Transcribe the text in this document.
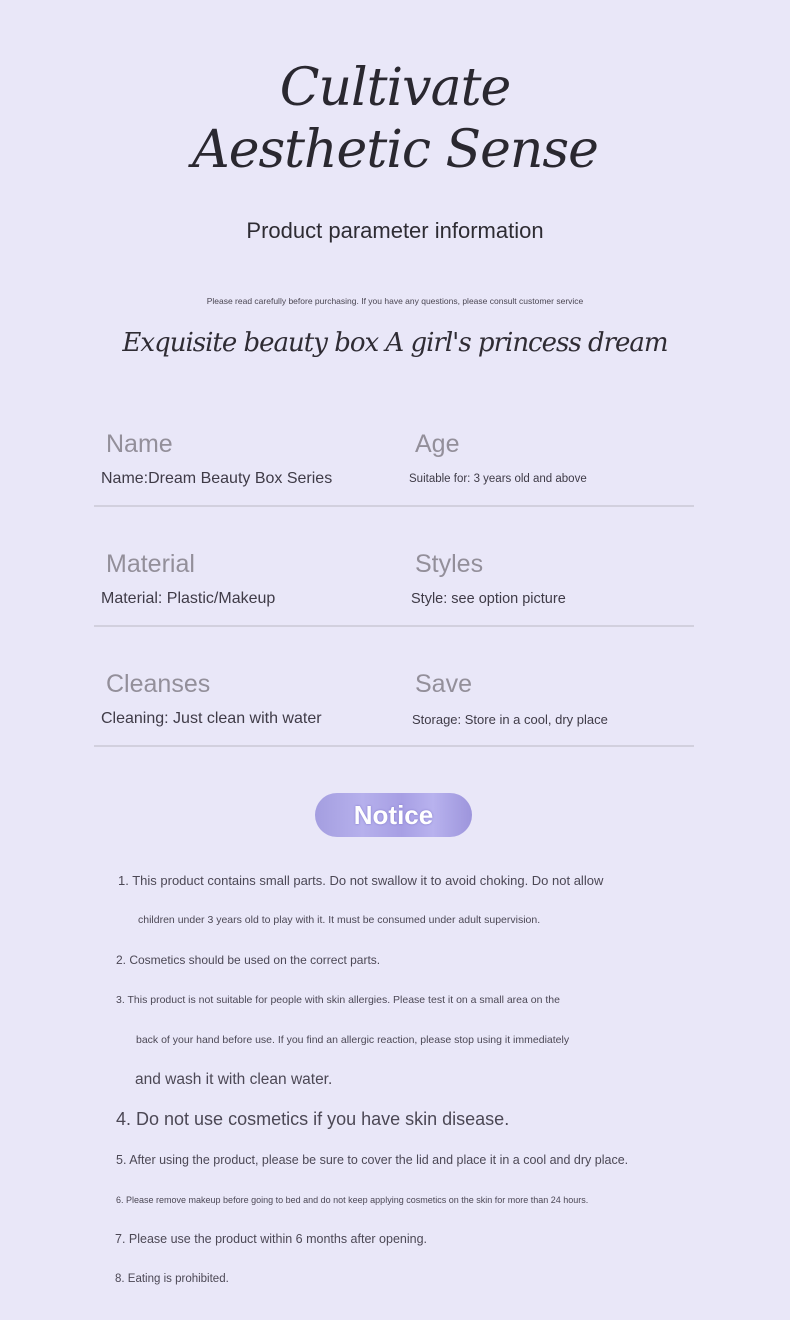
Cultivate
Aesthetic Sense
Product parameter information
Please read carefully before purchasing. If you have any questions, please consult customer service
Exquisite beauty box A girl's princess dream
Name
Name:Dream Beauty Box Series
Age
Suitable for: 3 years old and above
Material
Material: Plastic/Makeup
Styles
Style: see option picture
Cleanses
Cleaning: Just clean with water
Save
Storage: Store in a cool, dry place
Notice
1. This product contains small parts. Do not swallow it to avoid choking. Do not allow
children under 3 years old to play with it. It must be consumed under adult supervision.
2. Cosmetics should be used on the correct parts.
3. This product is not suitable for people with skin allergies. Please test it on a small area on the
back of your hand before use. If you find an allergic reaction, please stop using it immediately
and wash it with clean water.
4. Do not use cosmetics if you have skin disease.
5. After using the product, please be sure to cover the lid and place it in a cool and dry place.
6. Please remove makeup before going to bed and do not keep applying cosmetics on the skin for more than 24 hours.
7. Please use the product within 6 months after opening.
8. Eating is prohibited.
